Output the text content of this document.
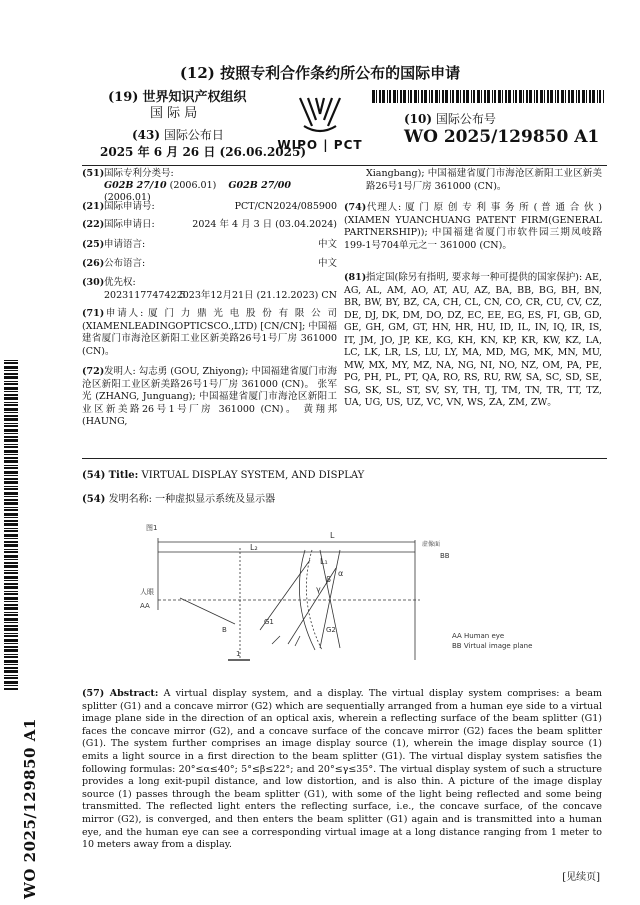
(12) 按照专利合作条约所公布的国际申请
(19) 世界知识产权组织
国 际 局
(43) 国际公布日
2025 年 6 月 26 日 (26.06.2025)
WIPO | PCT
(10) 国际公布号
WO 2025/129850 A1
WO 2025/129850 A1
(51)国际专利分类号:
G02B 27/10 (2006.01) G02B 27/00 (2006.01)
(21)国际申请号:	PCT/CN2024/085900
(22)国际申请日:	2024 年 4 月 3 日 (03.04.2024)
(25)申请语言:	中文
(26)公布语言:	中文
(30)优先权:
202311774742.5
2023年12月21日 (21.12.2023) CN
(71)申请人: 厦 门 力 鼎 光 电 股 份 有 限 公 司 (XIAMENLEADINGOPTICSCO.,LTD) [CN/CN]; 中国福建省厦门市海沧区新阳工业区新美路26号1号厂房 361000 (CN)。
(72)发明人: 勾志勇 (GOU, Zhiyong); 中国福建省厦门市海沧区新阳工业区新美路26号1号厂房 361000 (CN)。 张军光 (ZHANG, Junguang); 中国福建省厦门市海沧区新阳工业区新美路26号1号厂房 361000 (CN)。 黄翔邦 (HAUNG,
Xiangbang); 中国福建省厦门市海沧区新阳工业区新美路26号1号厂房 361000 (CN)。
(74)代理人: 厦 门 原 创 专 利 事 务 所 ( 普 通 合 伙 ) (XIAMEN YUANCHUANG PATENT FIRM(GENERAL PARTNERSHIP)); 中国福建省厦门市软件园三期凤岐路199-1号704单元之一 361000 (CN)。
(81)指定国(除另有指明, 要求每一种可提供的国家保护): AE, AG, AL, AM, AO, AT, AU, AZ, BA, BB, BG, BH, BN, BR, BW, BY, BZ, CA, CH, CL, CN, CO, CR, CU, CV, CZ, DE, DJ, DK, DM, DO, DZ, EC, EE, EG, ES, FI, GB, GD, GE, GH, GM, GT, HN, HR, HU, ID, IL, IN, IQ, IR, IS, IT, JM, JO, JP, KE, KG, KH, KN, KP, KR, KW, KZ, LA, LC, LK, LR, LS, LU, LY, MA, MD, MG, MK, MN, MU, MW, MX, MY, MZ, NA, NG, NI, NO, NZ, OM, PA, PE, PG, PH, PL, PT, QA, RO, RS, RU, RW, SA, SC, SD, SE, SG, SK, SL, ST, SV, SY, TH, TJ, TM, TN, TR, TT, TZ, UA, UG, US, UZ, VC, VN, WS, ZA, ZM, ZW。
(54) Title: VIRTUAL DISPLAY SYSTEM, AND DISPLAY
(54) 发明名称: 一种虚拟显示系统及显示器
图1
L
L₂
L₁
α
β
γ
人眼
AA
B
G1
G2
1
虚像面
BB
AA Human eye
BB Virtual image plane
(57) Abstract: A virtual display system, and a display. The virtual display system comprises: a beam splitter (G1) and a concave mirror (G2) which are sequentially arranged from a human eye side to a virtual image plane side in the direction of an optical axis, wherein a reflecting surface of the beam splitter (G1) faces the concave mirror (G2), and a concave surface of the concave mirror (G2) faces the beam splitter (G1). The system further comprises an image display source (1), wherein the image display source (1) emits a light source in a first direction to the beam splitter (G1). The virtual display system satisfies the following formulas: 20°≤α≤40°; 5°≤β≤22°; and 20°≤γ≤35°. The virtual display system of such a structure provides a long exit-pupil distance, and low distortion, and is also thin. A picture of the image display source (1) passes through the beam splitter (G1), with some of the light being reflected and some being transmitted. The reflected light enters the reflecting surface, i.e., the concave surface, of the concave mirror (G2), is converged, and then enters the beam splitter (G1) again and is transmitted into a human eye, and the human eye can see a corresponding virtual image at a long distance ranging from 1 meter to 10 meters away from a display.
[见续页]
